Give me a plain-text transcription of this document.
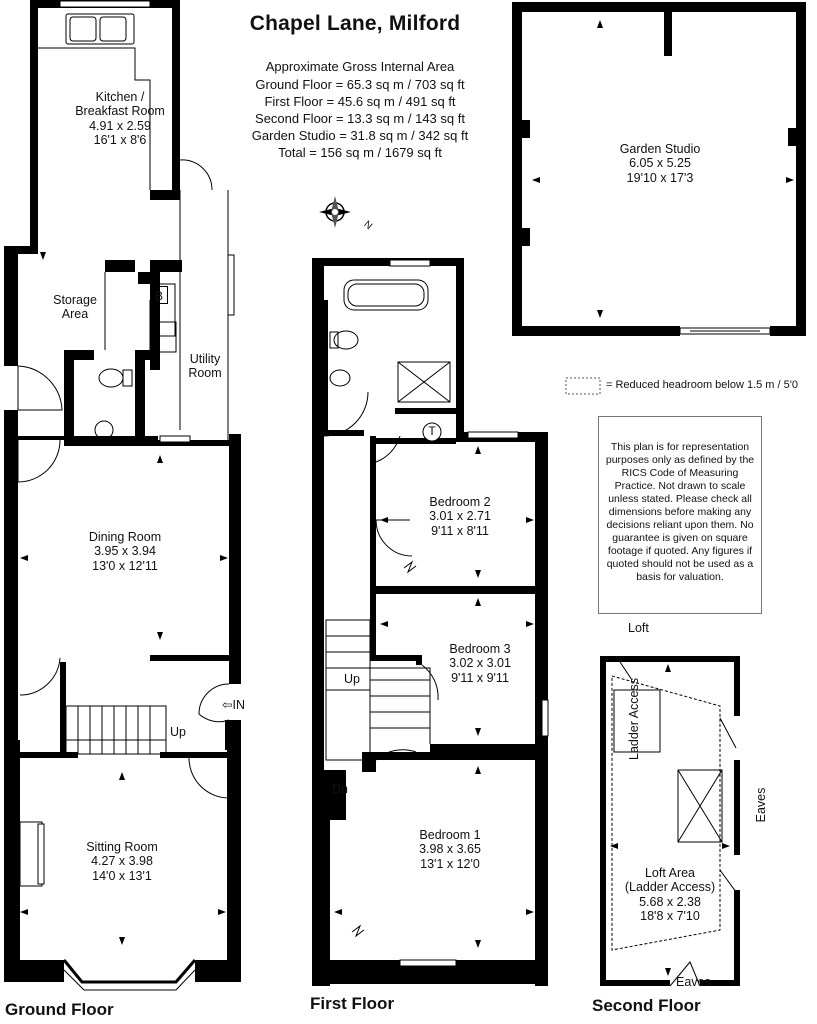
Chapel Lane, Milford
Approximate Gross Internal Area
Ground Floor = 65.3 sq m / 703 sq ft
First Floor = 45.6 sq m / 491 sq ft
Second Floor = 13.3 sq m / 143 sq ft
Garden Studio = 31.8 sq m / 342 sq ft
Total = 156 sq m / 1679 sq ft
N
= Reduced headroom below 1.5 m / 5'0
This plan is for representation purposes only as defined by the RICS Code of Measuring Practice. Not drawn to scale unless stated. Please check all dimensions before making any decisions reliant upon them. No guarantee is given on square footage if quoted. Any figures if quoted should not be used as a basis for valuation.
Kitchen /
Breakfast Room
4.91 x 2.59
16'1 x 8'6
Storage
Area
B
Utility
Room
Dining Room
3.95 x 3.94
13'0 x 12'11
Up
⇦IN
Sitting Room
4.27 x 3.98
14'0 x 13'1
T
Bedroom 2
3.01 x 2.71
9'11 x 8'11
Bedroom 3
3.02 x 3.01
9'11 x 9'11
Up
Dn
Bedroom 1
3.98 x 3.65
13'1 x 12'0
Garden Studio
6.05 x 5.25
19'10 x 17'3
Loft
Ladder Access
Eaves
Loft Area
(Ladder Access)
5.68 x 2.38
18'8 x 7'10
Eaves
Ground Floor	First Floor	Second Floor
